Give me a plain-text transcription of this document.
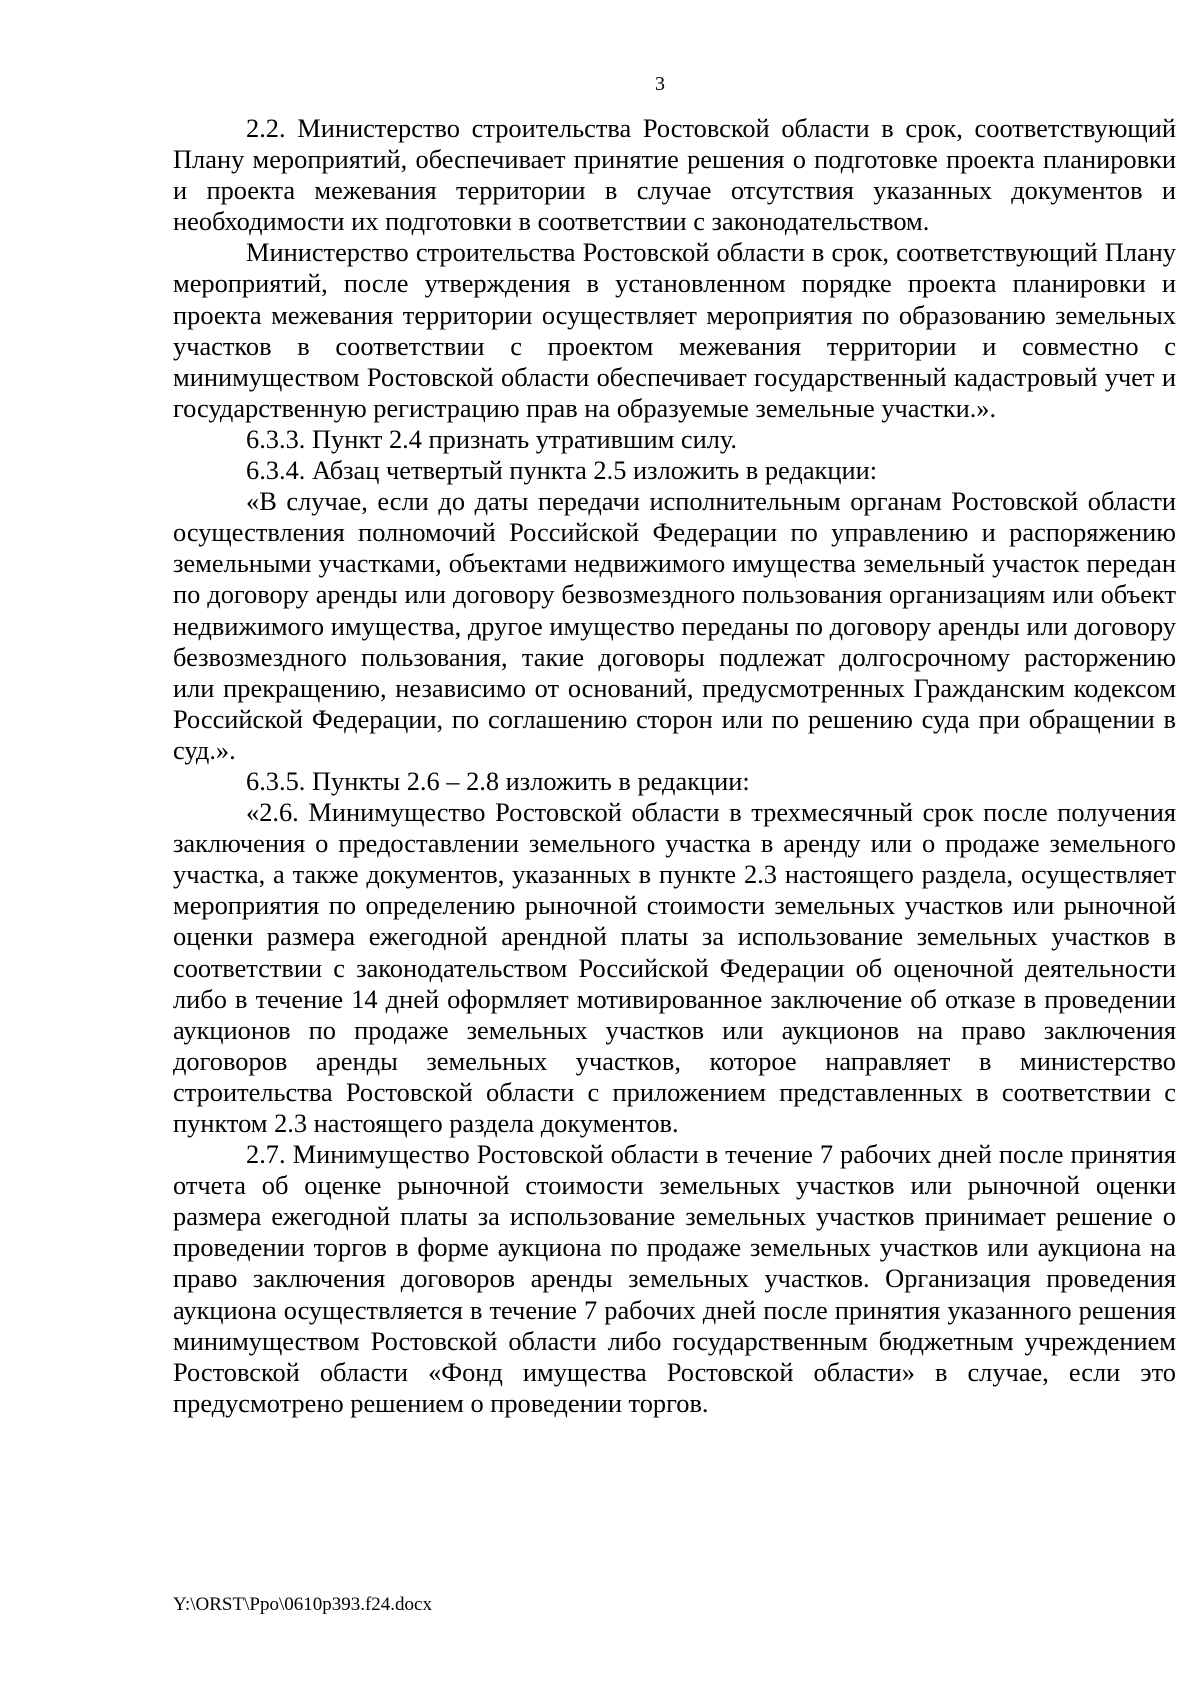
3

2.2. Министерство строительства Ростовской области в срок, соответствующий Плану мероприятий, обеспечивает принятие решения о подготовке проекта планировки и проекта межевания территории в случае отсутствия указанных документов и необходимости их подготовки в соответствии с законодательством.

Министерство строительства Ростовской области в срок, соответствующий Плану мероприятий, после утверждения в установленном порядке проекта планировки и проекта межевания территории осуществляет мероприятия по образованию земельных участков в соответствии с проектом межевания территории и совместно с минимуществом Ростовской области обеспечивает государственный кадастровый учет и государственную регистрацию прав на образуемые земельные участки.».

6.3.3. Пункт 2.4 признать утратившим силу.

6.3.4. Абзац четвертый пункта 2.5 изложить в редакции:

«В случае, если до даты передачи исполнительным органам Ростовской области осуществления полномочий Российской Федерации по управлению и распоряжению земельными участками, объектами недвижимого имущества земельный участок передан по договору аренды или договору безвозмездного пользования организациям или объект недвижимого имущества, другое имущество переданы по договору аренды или договору безвозмездного пользования, такие договоры подлежат долгосрочному расторжению или прекращению, независимо от оснований, предусмотренных Гражданским кодексом Российской Федерации, по соглашению сторон или по решению суда при обращении в суд.».

6.3.5. Пункты 2.6 – 2.8 изложить в редакции:

«2.6. Минимущество Ростовской области в трехмесячный срок после получения заключения о предоставлении земельного участка в аренду или о продаже земельного участка, а также документов, указанных в пункте 2.3 настоящего раздела, осуществляет мероприятия по определению рыночной стоимости земельных участков или рыночной оценки размера ежегодной арендной платы за использование земельных участков в соответствии с законодательством Российской Федерации об оценочной деятельности либо в течение 14 дней оформляет мотивированное заключение об отказе в проведении аукционов по продаже земельных участков или аукционов на право заключения договоров аренды земельных участков, которое направляет в министерство строительства Ростовской области с приложением представленных в соответствии с пунктом 2.3 настоящего раздела документов.

2.7. Минимущество Ростовской области в течение 7 рабочих дней после принятия отчета об оценке рыночной стоимости земельных участков или рыночной оценки размера ежегодной платы за использование земельных участков принимает решение о проведении торгов в форме аукциона по продаже земельных участков или аукциона на право заключения договоров аренды земельных участков. Организация проведения аукциона осуществляется в течение 7 рабочих дней после принятия указанного решения минимуществом Ростовской области либо государственным бюджетным учреждением Ростовской области «Фонд имущества Ростовской области» в случае, если это предусмотрено решением о проведении торгов.

Y:\ORST\Ppo\0610p393.f24.docx
